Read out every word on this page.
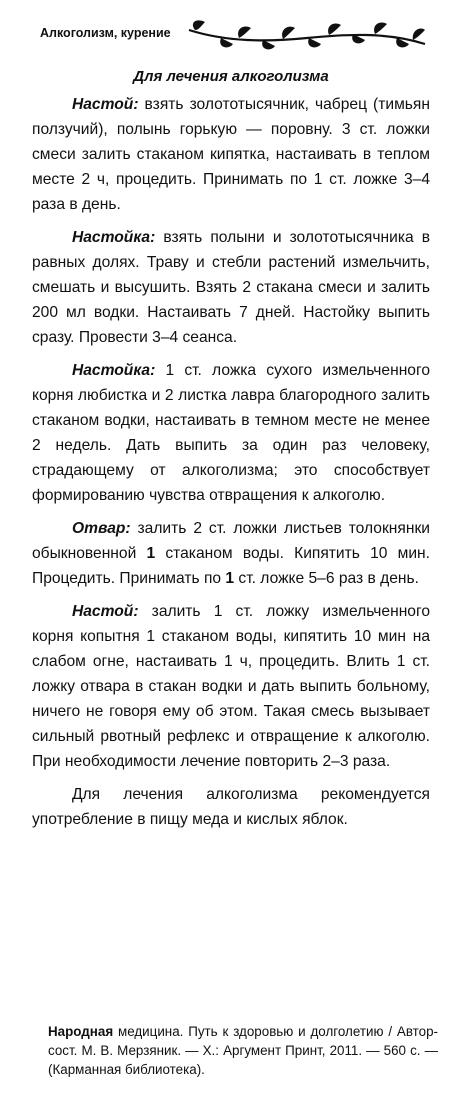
Алкоголизм, курение
Для лечения алкоголизма

Настой: взять золототысячник, чабрец (тимьян ползучий), полынь горькую — поровну. 3 ст. ложки смеси залить стаканом кипятка, настаивать в теплом месте 2 ч, процедить. Принимать по 1 ст. ложке 3–4 раза в день.

Настойка: взять полыни и золототысячника в равных долях. Траву и стебли растений измельчить, смешать и высушить. Взять 2 стакана смеси и залить 200 мл водки. Настаивать 7 дней. Настойку выпить сразу. Провести 3–4 сеанса.

Настойка: 1 ст. ложка сухого измельченного корня любистка и 2 листка лавра благородного залить стаканом водки, настаивать в темном месте не менее 2 недель. Дать выпить за один раз человеку, страдающему от алкоголизма; это способствует формированию чувства отвращения к алкоголю.

Отвар: залить 2 ст. ложки листьев толокнянки обыкновенной 1 стаканом воды. Кипятить 10 мин. Процедить. Принимать по 1 ст. ложке 5–6 раз в день.

Настой: залить 1 ст. ложку измельченного корня копытня 1 стаканом воды, кипятить 10 мин на слабом огне, настаивать 1 ч, процедить. Влить 1 ст. ложку отвара в стакан водки и дать выпить больному, ничего не говоря ему об этом. Такая смесь вызывает сильный рвотный рефлекс и отвращение к алкоголю. При необходимости лечение повторить 2–3 раза.

Для лечения алкоголизма рекомендуется употребление в пищу меда и кислых яблок.

Народная медицина. Путь к здоровью и долголетию / Автор-сост. М. В. Мерзяник. — Х.: Аргумент Принт, 2011. — 560 с. — (Карманная библиотека).
